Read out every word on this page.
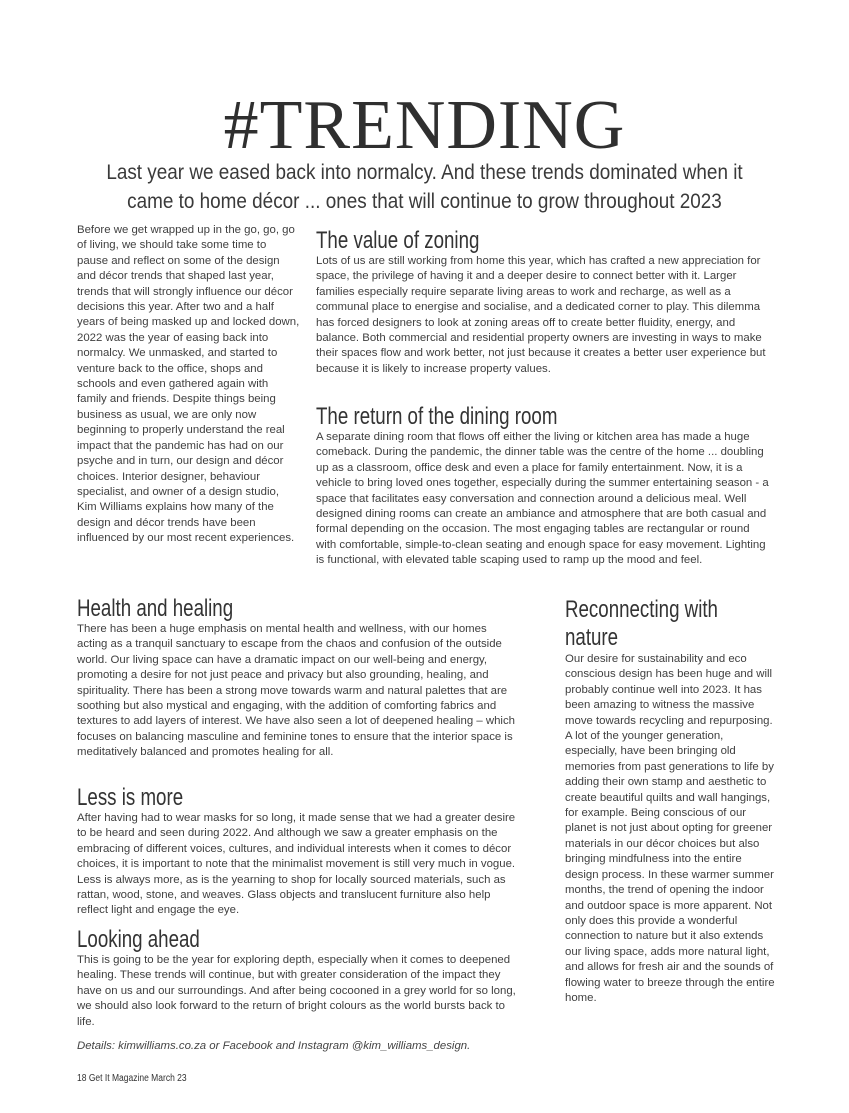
#TRENDING

Last year we eased back into normalcy. And these trends dominated when it came to home décor ... ones that will continue to grow throughout 2023

Before we get wrapped up in the go, go, go of living, we should take some time to pause and reflect on some of the design and décor trends that shaped last year, trends that will strongly influence our décor decisions this year. After two and a half years of being masked up and locked down, 2022 was the year of easing back into normalcy. We unmasked, and started to venture back to the office, shops and schools and even gathered again with family and friends. Despite things being business as usual, we are only now beginning to properly understand the real impact that the pandemic has had on our psyche and in turn, our design and décor choices. Interior designer, behaviour specialist, and owner of a design studio, Kim Williams explains how many of the design and décor trends have been influenced by our most recent experiences.

The value of zoning

Lots of us are still working from home this year, which has crafted a new appreciation for space, the privilege of having it and a deeper desire to connect better with it. Larger families especially require separate living areas to work and recharge, as well as a communal place to energise and socialise, and a dedicated corner to play. This dilemma has forced designers to look at zoning areas off to create better fluidity, energy, and balance. Both commercial and residential property owners are investing in ways to make their spaces flow and work better, not just because it creates a better user experience but because it is likely to increase property values.

The return of the dining room

A separate dining room that flows off either the living or kitchen area has made a huge comeback. During the pandemic, the dinner table was the centre of the home ... doubling up as a classroom, office desk and even a place for family entertainment. Now, it is a vehicle to bring loved ones together, especially during the summer entertaining season - a space that facilitates easy conversation and connection around a delicious meal. Well designed dining rooms can create an ambiance and atmosphere that are both casual and formal depending on the occasion. The most engaging tables are rectangular or round with comfortable, simple-to-clean seating and enough space for easy movement. Lighting is functional, with elevated table scaping used to ramp up the mood and feel.

Health and healing

There has been a huge emphasis on mental health and wellness, with our homes acting as a tranquil sanctuary to escape from the chaos and confusion of the outside world. Our living space can have a dramatic impact on our well-being and energy, promoting a desire for not just peace and privacy but also grounding, healing, and spirituality. There has been a strong move towards warm and natural palettes that are soothing but also mystical and engaging, with the addition of comforting fabrics and textures to add layers of interest. We have also seen a lot of deepened healing – which focuses on balancing masculine and feminine tones to ensure that the interior space is meditatively balanced and promotes healing for all.

Less is more

After having had to wear masks for so long, it made sense that we had a greater desire to be heard and seen during 2022. And although we saw a greater emphasis on the embracing of different voices, cultures, and individual interests when it comes to décor choices, it is important to note that the minimalist movement is still very much in vogue. Less is always more, as is the yearning to shop for locally sourced materials, such as rattan, wood, stone, and weaves. Glass objects and translucent furniture also help reflect light and engage the eye.

Looking ahead

This is going to be the year for exploring depth, especially when it comes to deepened healing. These trends will continue, but with greater consideration of the impact they have on us and our surroundings. And after being cocooned in a grey world for so long, we should also look forward to the return of bright colours as the world bursts back to life.

Details: kimwilliams.co.za or Facebook and Instagram @kim_williams_design.

Reconnecting with nature

Our desire for sustainability and eco conscious design has been huge and will probably continue well into 2023. It has been amazing to witness the massive move towards recycling and repurposing. A lot of the younger generation, especially, have been bringing old memories from past generations to life by adding their own stamp and aesthetic to create beautiful quilts and wall hangings, for example. Being conscious of our planet is not just about opting for greener materials in our décor choices but also bringing mindfulness into the entire design process. In these warmer summer months, the trend of opening the indoor and outdoor space is more apparent. Not only does this provide a wonderful connection to nature but it also extends our living space, adds more natural light, and allows for fresh air and the sounds of flowing water to breeze through the entire home.

18 Get It Magazine March 23
